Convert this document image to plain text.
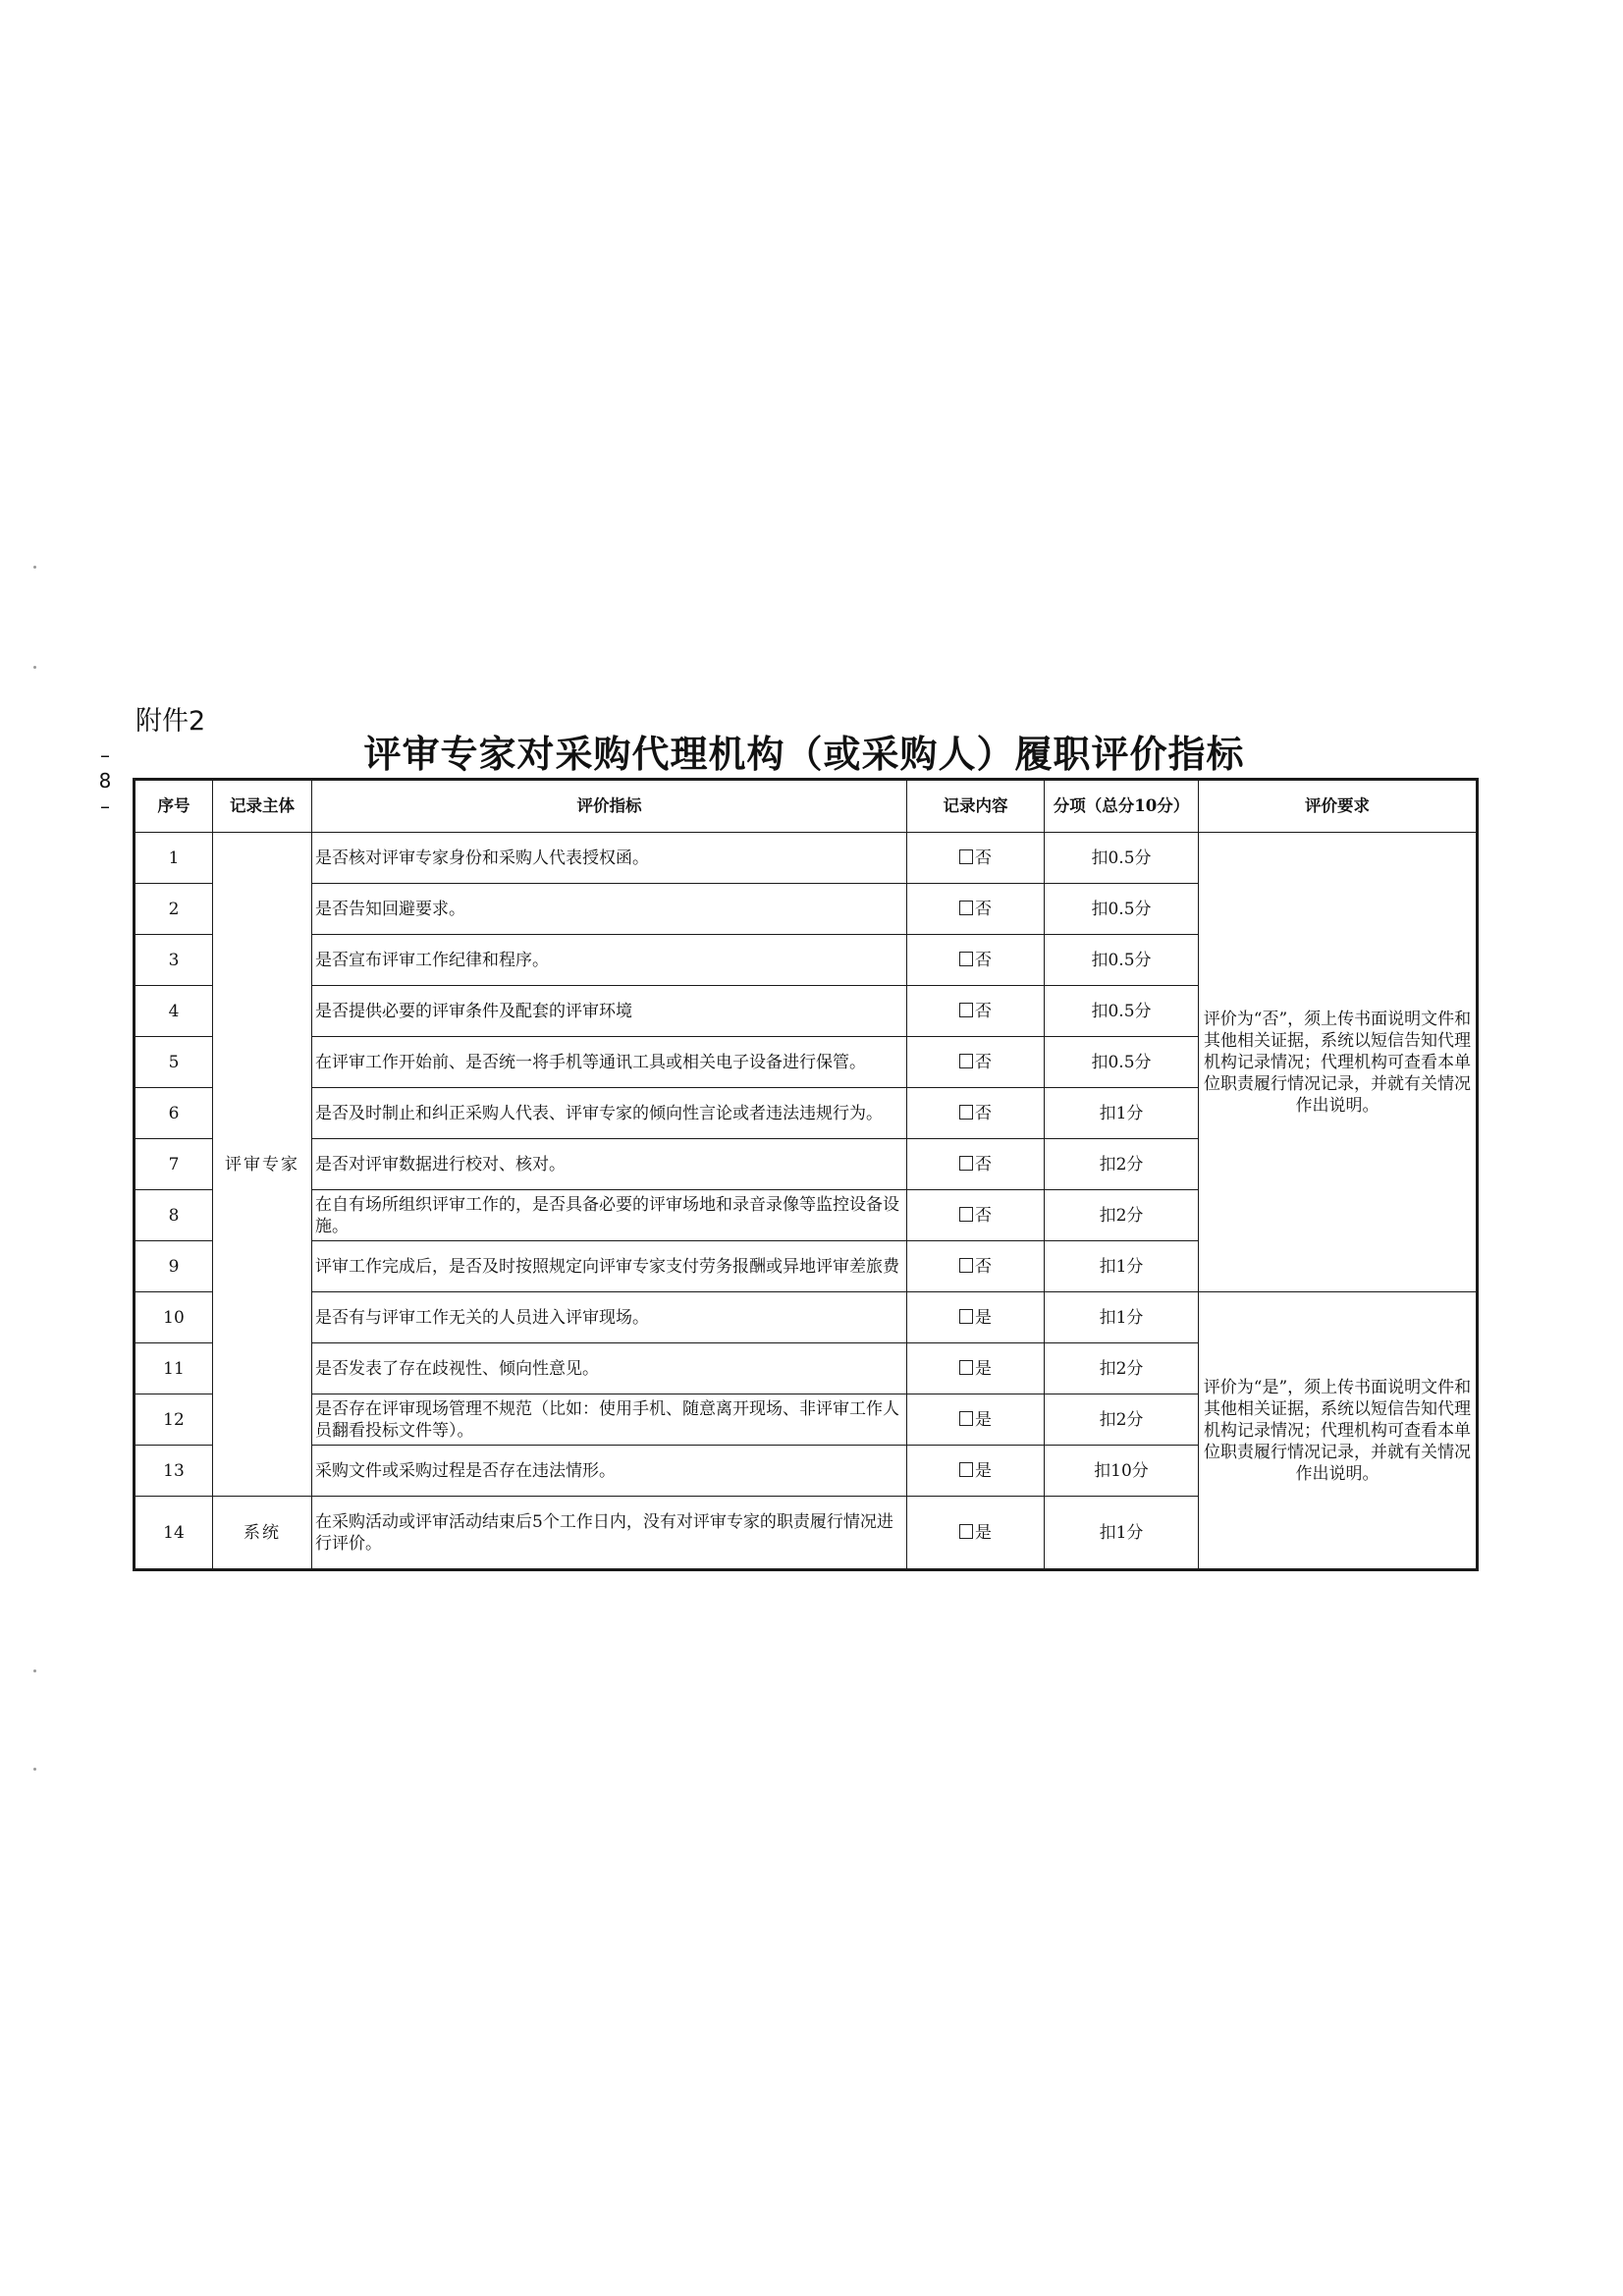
附件2
–
8
–
评审专家对采购代理机构（或采购人）履职评价指标
序号	记录主体	评价指标	记录内容	分项（总分10分）	评价要求
1	评审专家	是否核对评审专家身份和采购人代表授权函。	否	扣0.5分	评价为“否”，须上传书面说明文件和其他相关证据，系统以短信告知代理机构记录情况；代理机构可查看本单位职责履行情况记录，并就有关情况作出说明。
2		是否告知回避要求。	否	扣0.5分	
3		是否宣布评审工作纪律和程序。	否	扣0.5分	
4		是否提供必要的评审条件及配套的评审环境	否	扣0.5分	
5		在评审工作开始前、是否统一将手机等通讯工具或相关电子设备进行保管。	否	扣0.5分	
6		是否及时制止和纠正采购人代表、评审专家的倾向性言论或者违法违规行为。	否	扣1分	
7		是否对评审数据进行校对、核对。	否	扣2分	
8		在自有场所组织评审工作的，是否具备必要的评审场地和录音录像等监控设备设施。	否	扣2分	
9		评审工作完成后，是否及时按照规定向评审专家支付劳务报酬或异地评审差旅费	否	扣1分	
10		是否有与评审工作无关的人员进入评审现场。	是	扣1分	评价为“是”，须上传书面说明文件和其他相关证据，系统以短信告知代理机构记录情况；代理机构可查看本单位职责履行情况记录，并就有关情况作出说明。
11		是否发表了存在歧视性、倾向性意见。	是	扣2分	
12		是否存在评审现场管理不规范（比如：使用手机、随意离开现场、非评审工作人员翻看投标文件等）。	是	扣2分	
13		采购文件或采购过程是否存在违法情形。	是	扣10分	
14	系统	在采购活动或评审活动结束后5个工作日内，没有对评审专家的职责履行情况进行评价。	是	扣1分	
